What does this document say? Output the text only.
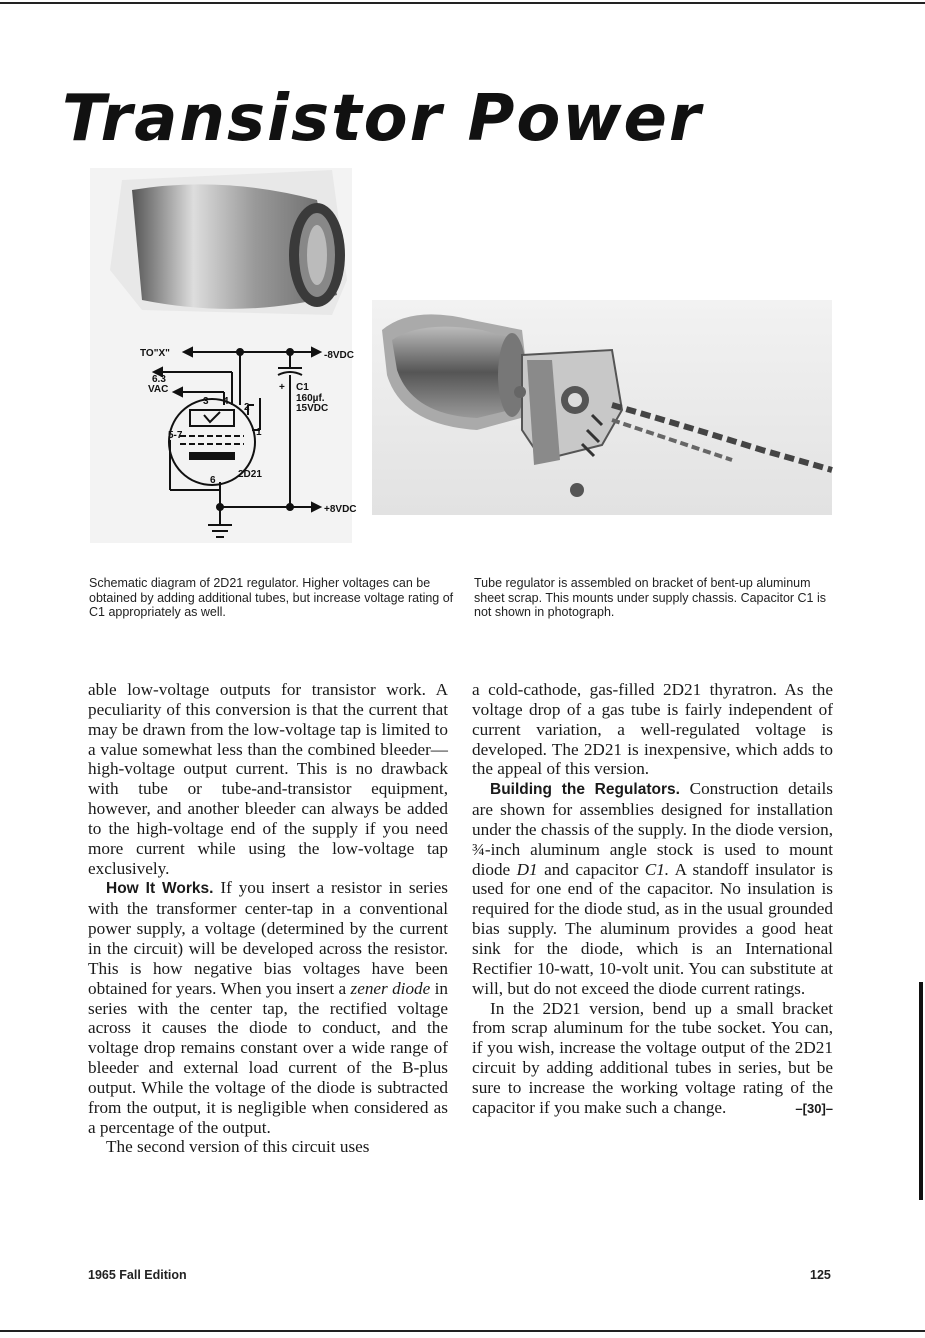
Transistor Power
TO"X"	-8VDC
+8VDC
6.3
VAC	C1
+
160µf.
15VDC
2D21
3 4
2
1
5-7
6

Schematic diagram of 2D21 regulator. Higher voltages can be obtained by adding additional tubes, but increase voltage rating of C1 appropriately as well.

Tube regulator is assembled on bracket of bent-up aluminum sheet scrap. This mounts under supply chassis. Capacitor C1 is not shown in photograph.

able low-voltage outputs for transistor work. A peculiarity of this conversion is that the current that may be drawn from the low-voltage tap is limited to a value somewhat less than the combined bleeder—high-voltage output current. This is no drawback with tube or tube-and-transistor equipment, however, and another bleeder can always be added to the high-voltage end of the supply if you need more current while using the low-voltage tap exclusively.

How It Works. If you insert a resistor in series with the transformer center-tap in a conventional power supply, a voltage (determined by the current in the circuit) will be developed across the resistor. This is how negative bias voltages have been obtained for years. When you insert a zener diode in series with the center tap, the rectified voltage across it causes the diode to conduct, and the voltage drop remains constant over a wide range of bleeder and external load current of the B-plus output. While the voltage of the diode is subtracted from the output, it is negligible when considered as a percentage of the output.

The second version of this circuit uses

a cold-cathode, gas-filled 2D21 thyratron. As the voltage drop of a gas tube is fairly independent of current variation, a well-regulated voltage is developed. The 2D21 is inexpensive, which adds to the appeal of this version.

Building the Regulators. Construction details are shown for assemblies designed for installation under the chassis of the supply. In the diode version, ¾-inch aluminum angle stock is used to mount diode D1 and capacitor C1. A standoff insulator is used for one end of the capacitor. No insulation is required for the diode stud, as in the usual grounded bias supply. The aluminum provides a good heat sink for the diode, which is an International Rectifier 10-watt, 10-volt unit. You can substitute at will, but do not exceed the diode current ratings.

In the 2D21 version, bend up a small bracket from scrap aluminum for the tube socket. You can, if you wish, increase the voltage output of the 2D21 circuit by adding additional tubes in series, but be sure to increase the working voltage rating of the capacitor if you make such a change.	–[30]–

1965 Fall Edition	125
